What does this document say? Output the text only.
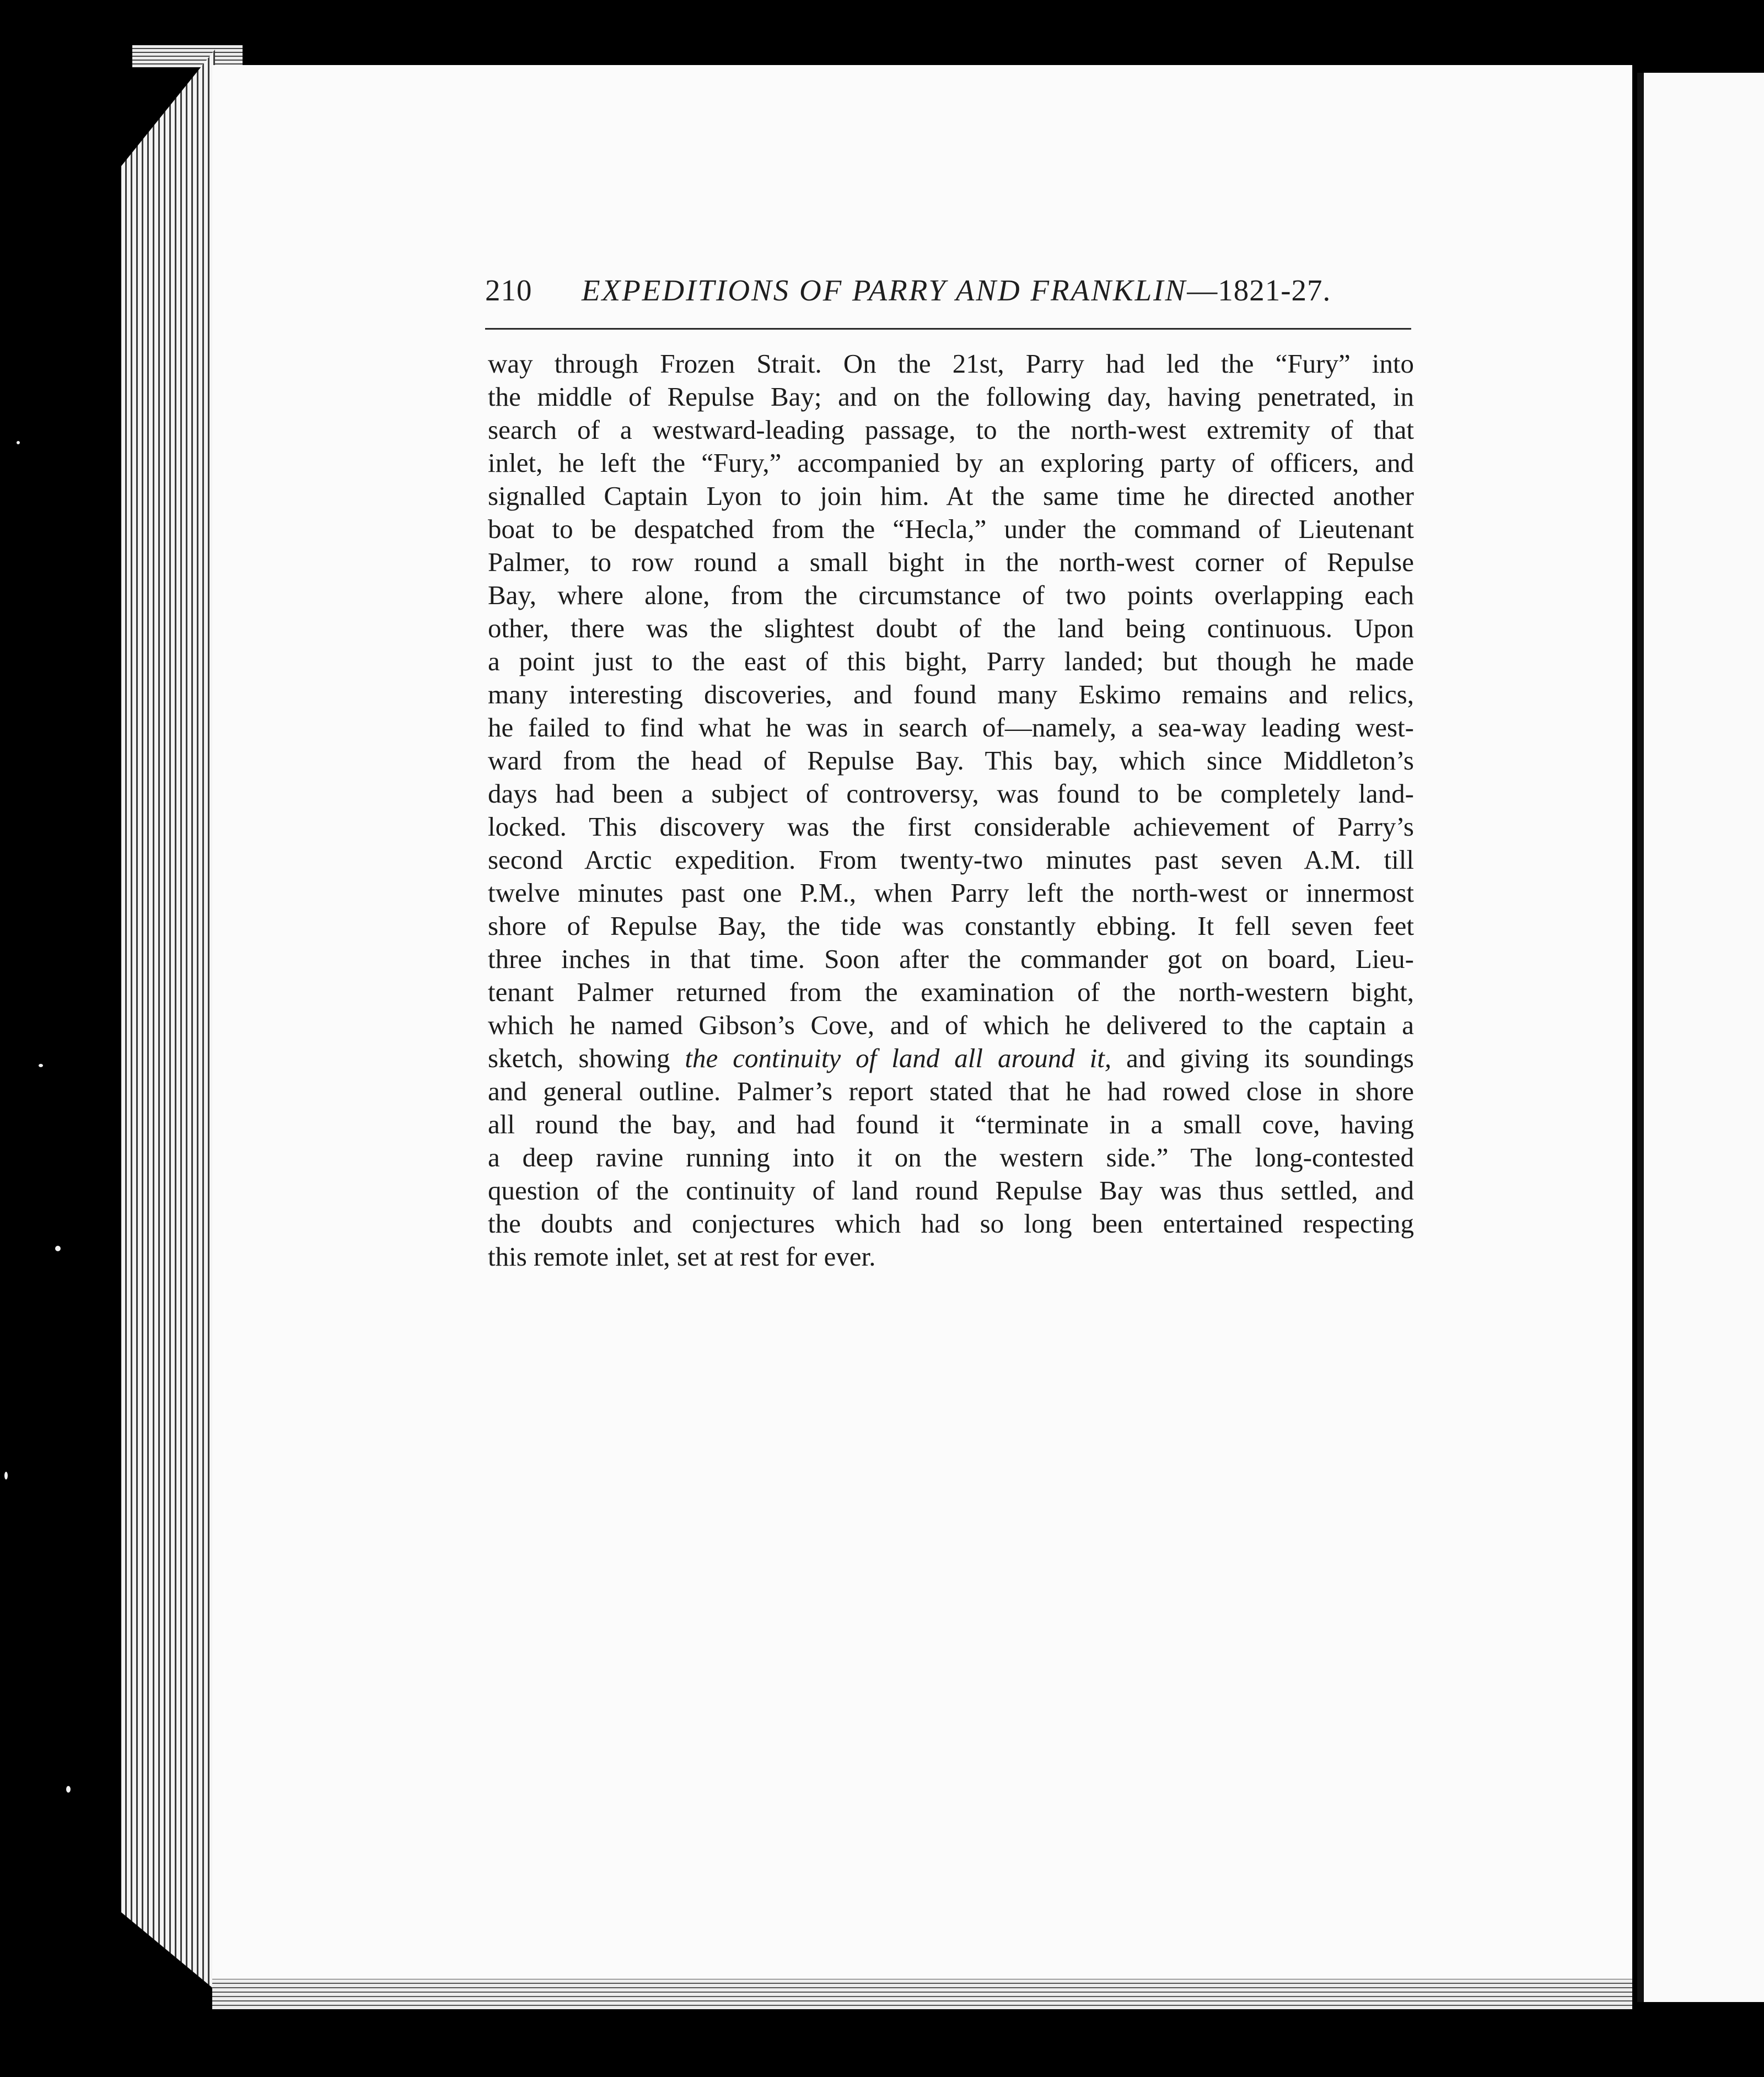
210 EXPEDITIONS OF PARRY AND FRANKLIN—1821-27.
way through Frozen Strait. On the 21st, Parry had led the “Fury” into
the middle of Repulse Bay; and on the following day, having penetrated, in
search of a westward-leading passage, to the north-west extremity of that
inlet, he left the “Fury,” accompanied by an exploring party of officers, and
signalled Captain Lyon to join him. At the same time he directed another
boat to be despatched from the “Hecla,” under the command of Lieutenant
Palmer, to row round a small bight in the north-west corner of Repulse
Bay, where alone, from the circumstance of two points overlapping each
other, there was the slightest doubt of the land being continuous. Upon
a point just to the east of this bight, Parry landed; but though he made
many interesting discoveries, and found many Eskimo remains and relics,
he failed to find what he was in search of—namely, a sea-way leading west-
ward from the head of Repulse Bay. This bay, which since Middleton’s
days had been a subject of controversy, was found to be completely land-
locked. This discovery was the first considerable achievement of Parry’s
second Arctic expedition. From twenty-two minutes past seven A.M. till
twelve minutes past one P.M., when Parry left the north-west or innermost
shore of Repulse Bay, the tide was constantly ebbing. It fell seven feet
three inches in that time. Soon after the commander got on board, Lieu-
tenant Palmer returned from the examination of the north-western bight,
which he named Gibson’s Cove, and of which he delivered to the captain a
sketch, showing the continuity of land all around it, and giving its soundings
and general outline. Palmer’s report stated that he had rowed close in shore
all round the bay, and had found it “terminate in a small cove, having
a deep ravine running into it on the western side.” The long-contested
question of the continuity of land round Repulse Bay was thus settled, and
the doubts and conjectures which had so long been entertained respecting
this remote inlet, set at rest for ever.
